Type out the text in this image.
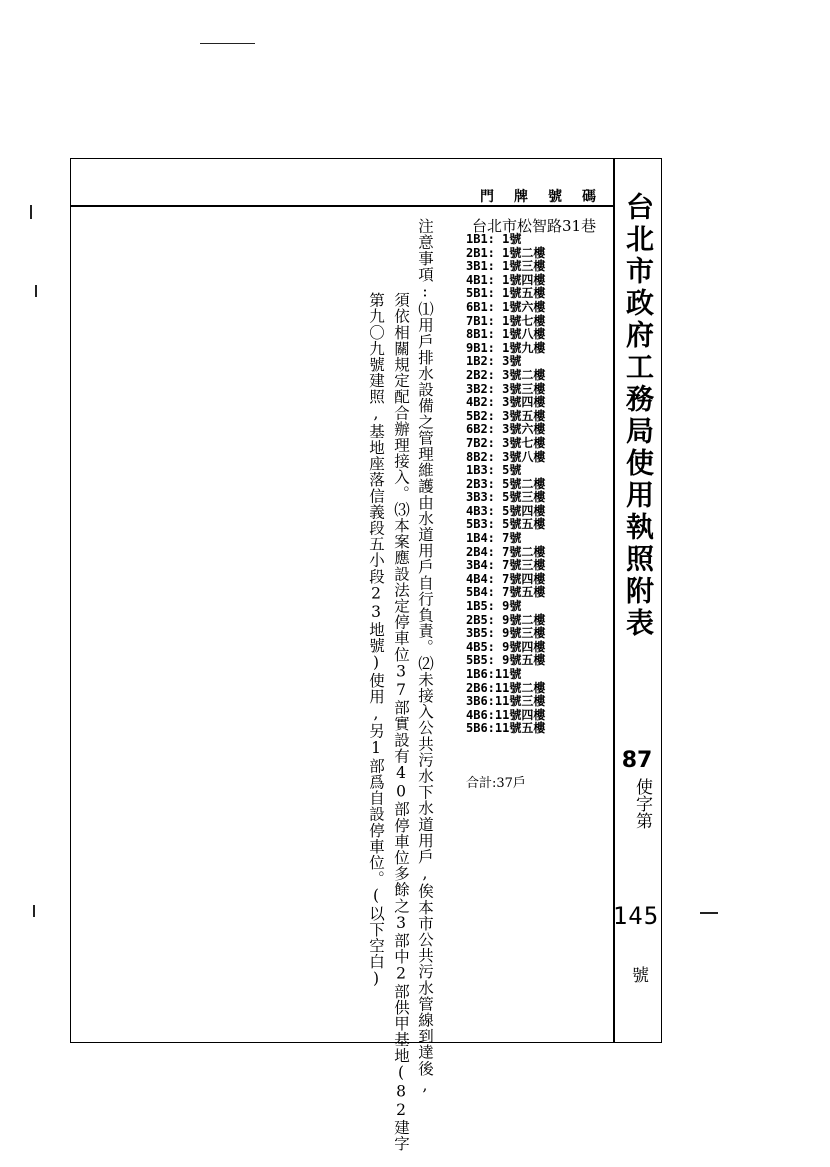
台北市政府工務局使用執照附表
87
使字第
145
號
門牌號碼
台北市松智路31巷
1B1: 1號
2B1: 1號二樓
3B1: 1號三樓
4B1: 1號四樓
5B1: 1號五樓
6B1: 1號六樓
7B1: 1號七樓
8B1: 1號八樓
9B1: 1號九樓
1B2: 3號
2B2: 3號二樓
3B2: 3號三樓
4B2: 3號四樓
5B2: 3號五樓
6B2: 3號六樓
7B2: 3號七樓
8B2: 3號八樓
1B3: 5號
2B3: 5號二樓
3B3: 5號三樓
4B3: 5號四樓
5B3: 5號五樓
1B4: 7號
2B4: 7號二樓
3B4: 7號三樓
4B4: 7號四樓
5B4: 7號五樓
1B5: 9號
2B5: 9號二樓
3B5: 9號三樓
4B5: 9號四樓
5B5: 9號五樓
1B6:11號
2B6:11號二樓
3B6:11號三樓
4B6:11號四樓
5B6:11號五樓
合計:37戶
注意事項:⑴用戶排水設備之管理維護由水道用戶自行負責。⑵未接入公共污水下水道用戶,俟本市公共污水管線到達後,
須依相關規定配合辦理接入。⑶本案應設法定停車位37部實設有40部停車位多餘之3部中2部供甲基地(82建字
第九〇九號建照,基地座落信義段五小段23地號)使用,另1部爲自設停車位。(以下空白)
